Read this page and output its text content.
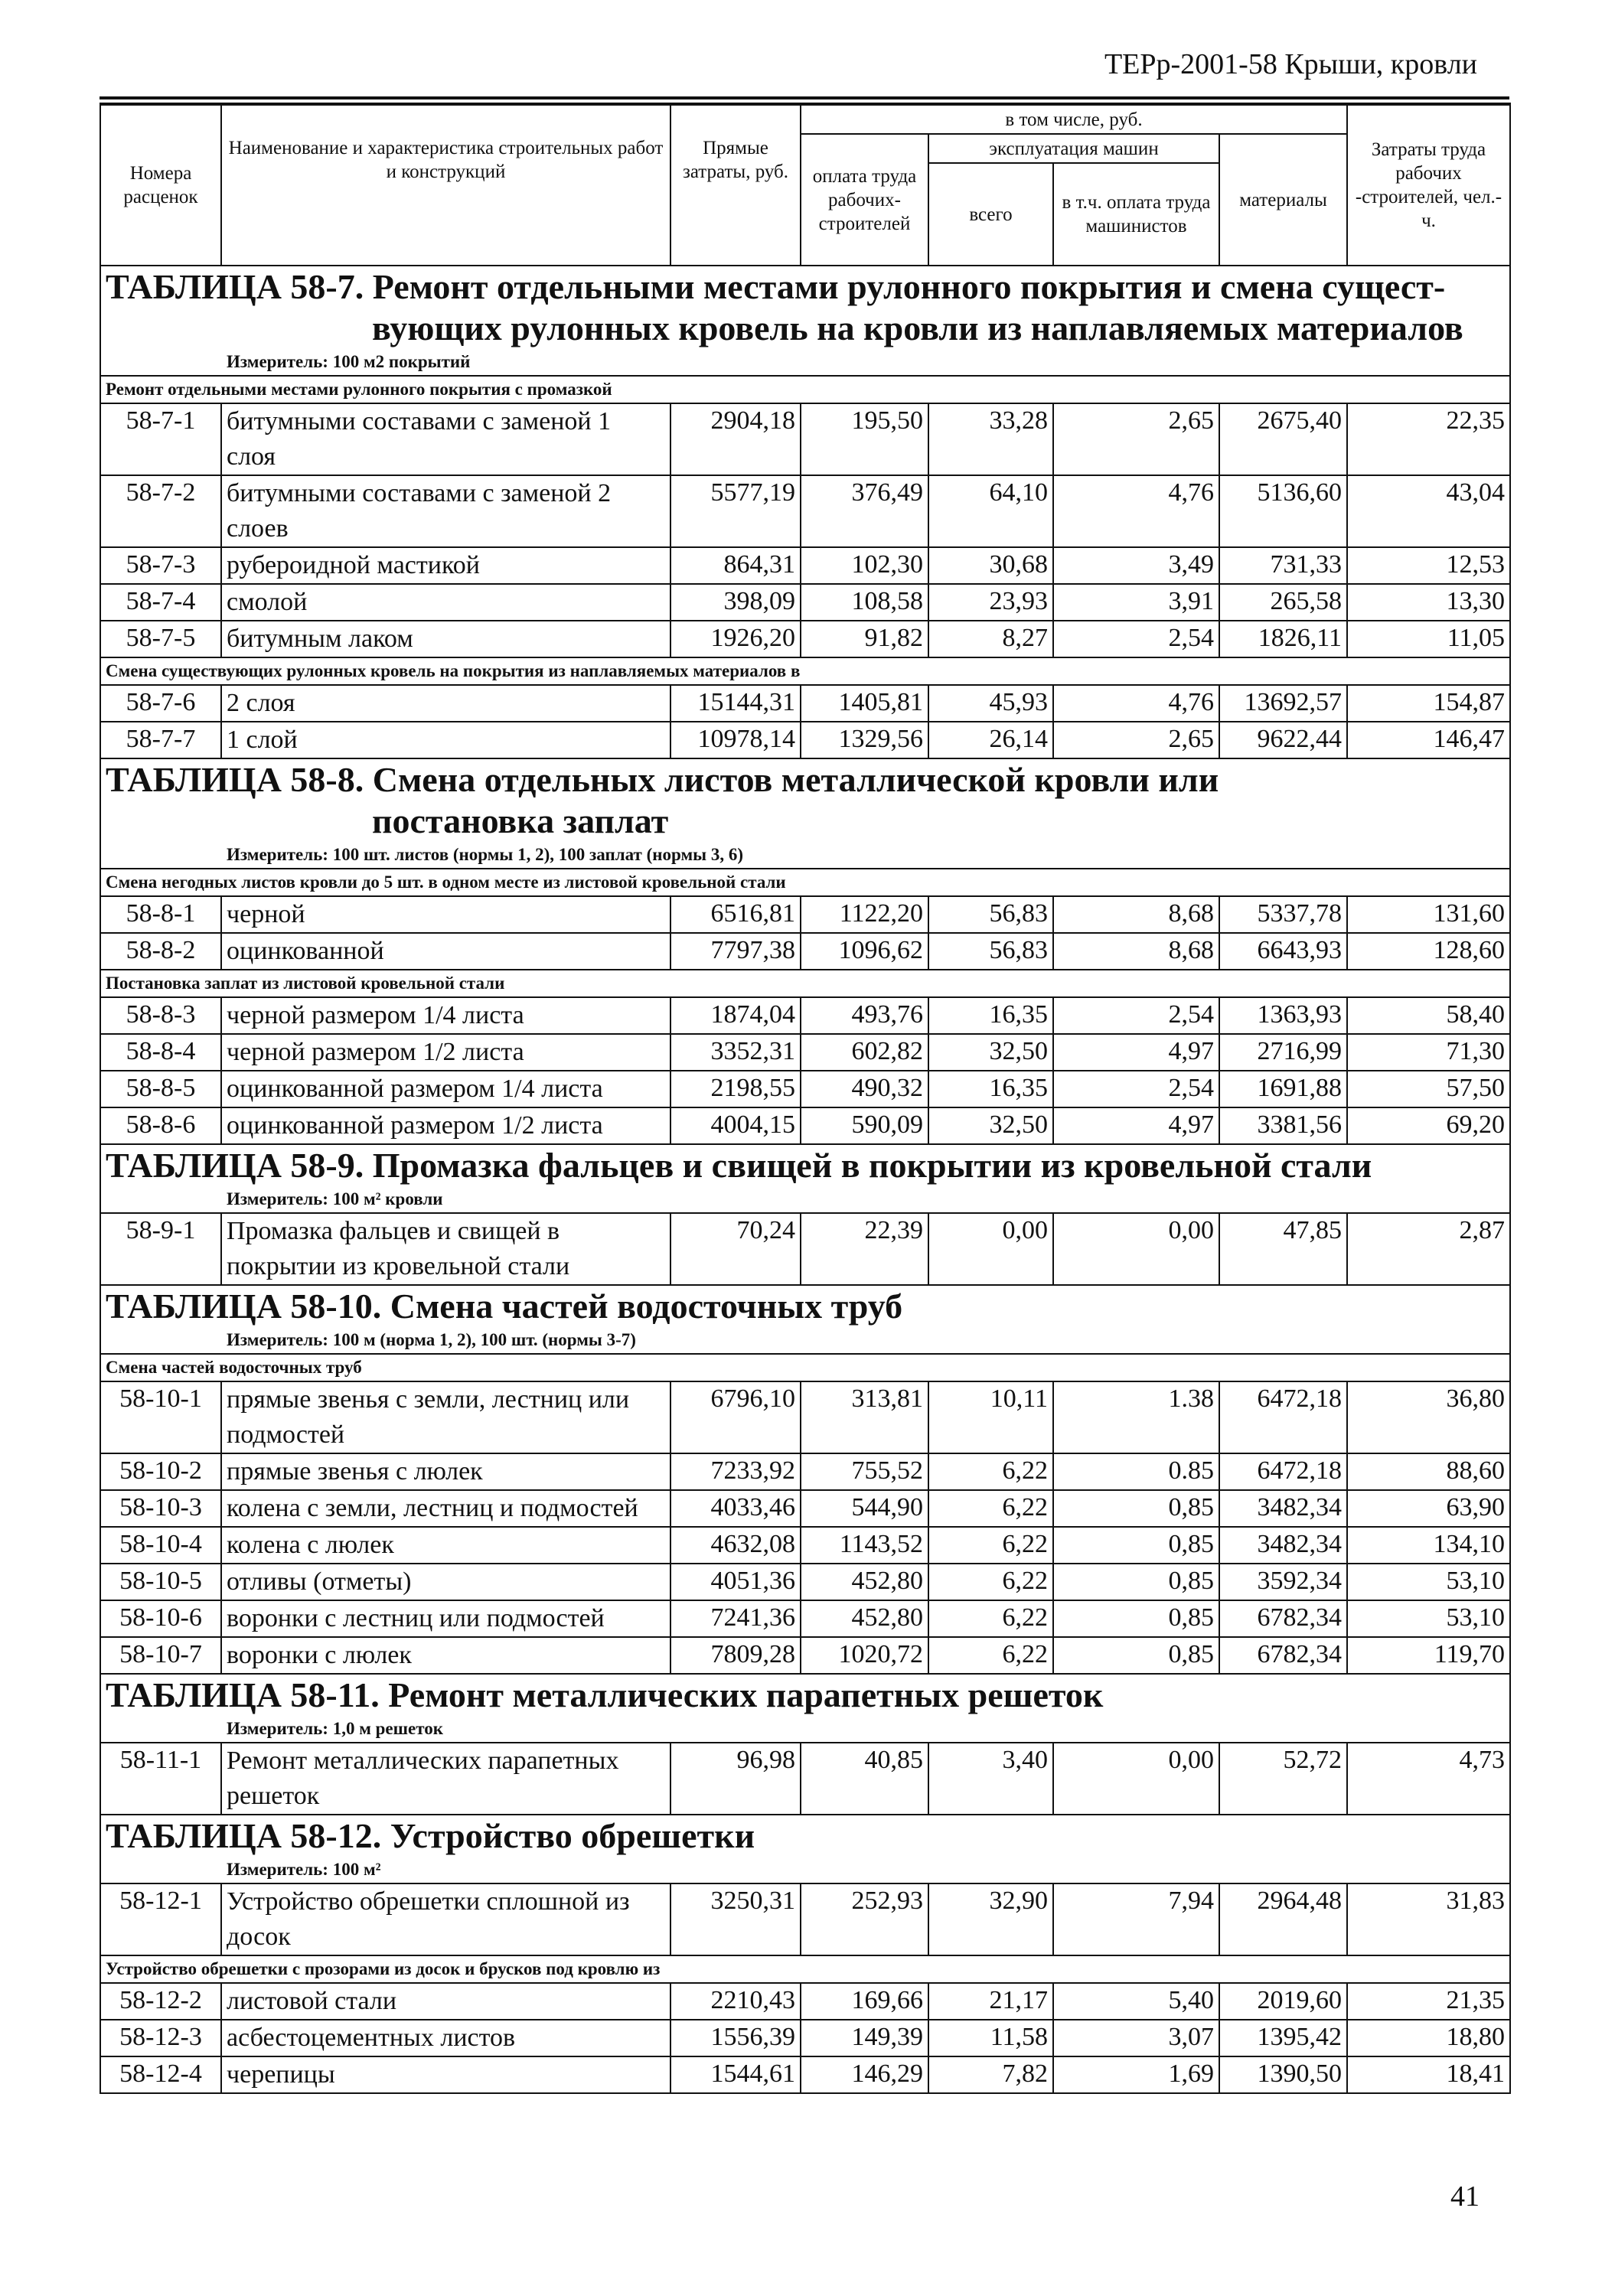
ТЕРр-2001-58 Крыши, кровли
Номера расценок	Наименование и характеристика строительных работ и конструкций	Прямые затраты, руб.	в том числе, руб.				Затраты труда рабочих -строителей, чел.-ч.
			оплата труда рабочих-строителей	эксплуатация машин		материалы	
				всего	в т.ч. оплата труда машинистов		

ТАБЛИЦА 58-7. Ремонт отдельными местами рулонного покрытия и смена сущест-
вующих рулонных кровель на кровли из наплавляемых материалов
Измеритель: 100 м2 покрытий							

Ремонт отдельными местами рулонного покрытия с промазкой							
58-7-1	битумными составами с заменой 1 слоя	2904,18	195,50	33,28	2,65	2675,40	22,35
58-7-2	битумными составами с заменой 2 слоев	5577,19	376,49	64,10	4,76	5136,60	43,04
58-7-3	рубероидной мастикой	864,31	102,30	30,68	3,49	731,33	12,53
58-7-4	смолой	398,09	108,58	23,93	3,91	265,58	13,30
58-7-5	битумным лаком	1926,20	91,82	8,27	2,54	1826,11	11,05
Смена существующих рулонных кровель на покрытия из наплавляемых материалов в							
58-7-6	2 слоя	15144,31	1405,81	45,93	4,76	13692,57	154,87
58-7-7	1 слой	10978,14	1329,56	26,14	2,65	9622,44	146,47

ТАБЛИЦА 58-8. Смена отдельных листов металлической кровли или
постановка заплат
Измеритель: 100 шт. листов (нормы 1, 2), 100 заплат (нормы 3, 6)							

Смена негодных листов кровли до 5 шт. в одном месте из листовой кровельной стали							
58-8-1	черной	6516,81	1122,20	56,83	8,68	5337,78	131,60
58-8-2	оцинкованной	7797,38	1096,62	56,83	8,68	6643,93	128,60
Постановка заплат из листовой кровельной стали							
58-8-3	черной размером 1/4 листа	1874,04	493,76	16,35	2,54	1363,93	58,40
58-8-4	черной размером 1/2 листа	3352,31	602,82	32,50	4,97	2716,99	71,30
58-8-5	оцинкованной размером 1/4 листа	2198,55	490,32	16,35	2,54	1691,88	57,50
58-8-6	оцинкованной размером 1/2 листа	4004,15	590,09	32,50	4,97	3381,56	69,20

ТАБЛИЦА 58-9. Промазка фальцев и свищей в покрытии из кровельной стали
Измеритель: 100 м² кровли							

58-9-1	Промазка фальцев и свищей в покрытии из кровельной стали	70,24	22,39	0,00	0,00	47,85	2,87

ТАБЛИЦА 58-10. Смена частей водосточных труб
Измеритель: 100 м (норма 1, 2), 100 шт. (нормы 3-7)							

Смена частей водосточных труб							
58-10-1	прямые звенья с земли, лестниц или подмостей	6796,10	313,81	10,11	1.38	6472,18	36,80
58-10-2	прямые звенья с люлек	7233,92	755,52	6,22	0.85	6472,18	88,60
58-10-3	колена с земли, лестниц и подмостей	4033,46	544,90	6,22	0,85	3482,34	63,90
58-10-4	колена с люлек	4632,08	1143,52	6,22	0,85	3482,34	134,10
58-10-5	отливы (отметы)	4051,36	452,80	6,22	0,85	3592,34	53,10
58-10-6	воронки с лестниц или подмостей	7241,36	452,80	6,22	0,85	6782,34	53,10
58-10-7	воронки с люлек	7809,28	1020,72	6,22	0,85	6782,34	119,70

ТАБЛИЦА 58-11. Ремонт металлических парапетных решеток
Измеритель: 1,0 м решеток							

58-11-1	Ремонт металлических парапетных решеток	96,98	40,85	3,40	0,00	52,72	4,73

ТАБЛИЦА 58-12. Устройство обрешетки
Измеритель: 100 м²							

58-12-1	Устройство обрешетки сплошной из досок	3250,31	252,93	32,90	7,94	2964,48	31,83
Устройство обрешетки с прозорами из досок и брусков под кровлю из							
58-12-2	листовой стали	2210,43	169,66	21,17	5,40	2019,60	21,35
58-12-3	асбестоцементных листов	1556,39	149,39	11,58	3,07	1395,42	18,80
58-12-4	черепицы	1544,61	146,29	7,82	1,69	1390,50	18,41
41
